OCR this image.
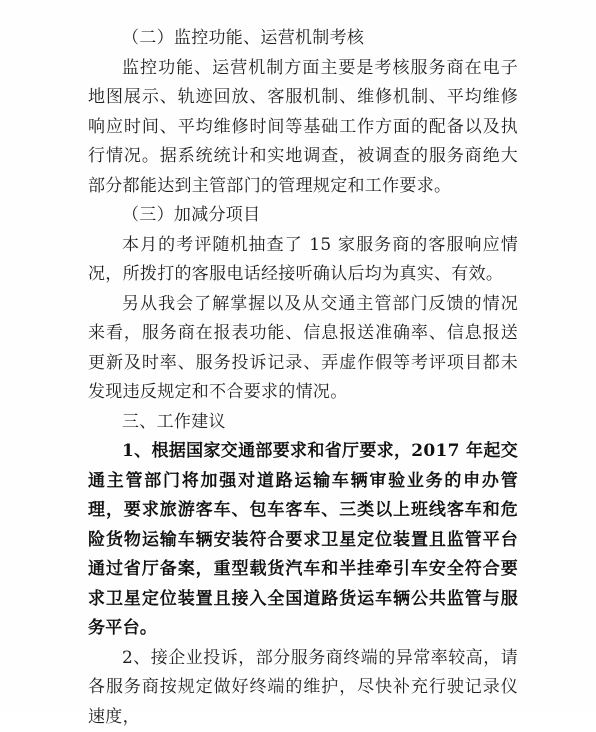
（二）监控功能、运营机制考核

监控功能、运营机制方面主要是考核服务商在电子地图展示、轨迹回放、客服机制、维修机制、平均维修响应时间、平均维修时间等基础工作方面的配备以及执行情况。据系统统计和实地调查，被调查的服务商绝大部分都能达到主管部门的管理规定和工作要求。

（三）加减分项目

本月的考评随机抽查了 15 家服务商的客服响应情况，所拨打的客服电话经接听确认后均为真实、有效。

另从我会了解掌握以及从交通主管部门反馈的情况来看，服务商在报表功能、信息报送准确率、信息报送更新及时率、服务投诉记录、弄虚作假等考评项目都未发现违反规定和不合要求的情况。

三、工作建议

1、根据国家交通部要求和省厅要求，2017 年起交通主管部门将加强对道路运输车辆审验业务的申办管理，要求旅游客车、包车客车、三类以上班线客车和危险货物运输车辆安装符合要求卫星定位装置且监管平台通过省厅备案，重型载货汽车和半挂牵引车安全符合要求卫星定位装置且接入全国道路货运车辆公共监管与服务平台。

2、接企业投诉，部分服务商终端的异常率较高，请各服务商按规定做好终端的维护，尽快补充行驶记录仪速度，
